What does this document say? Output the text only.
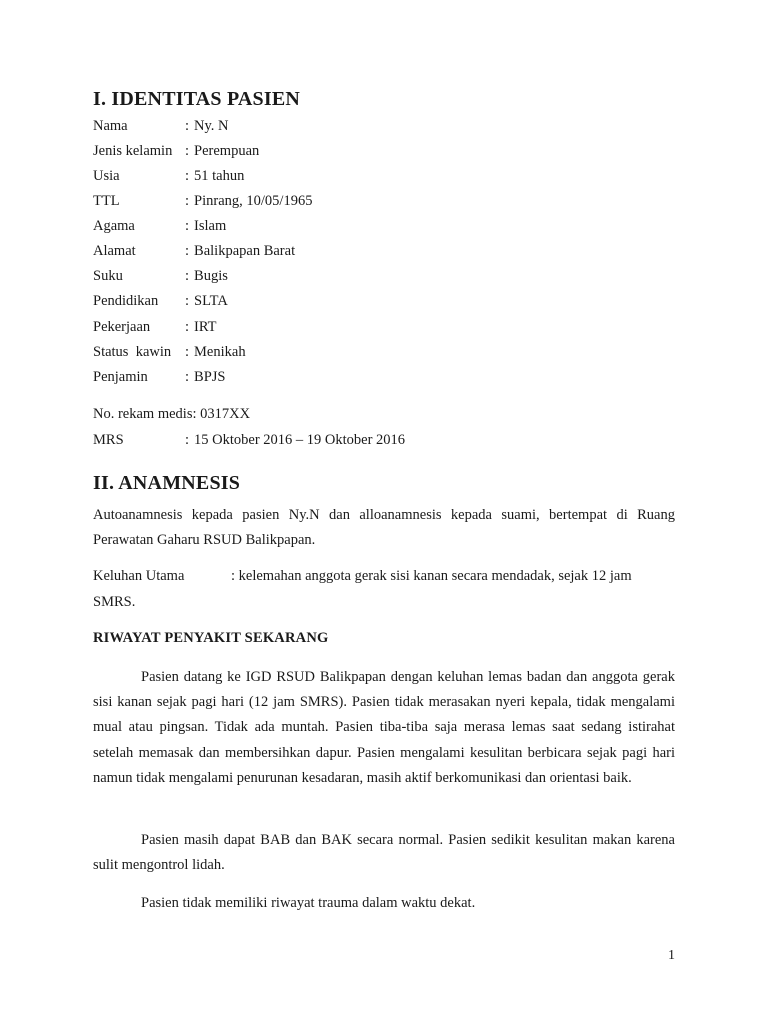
I. IDENTITAS PASIEN
Nama	: Ny. N
Jenis kelamin : Perempuan
Usia	: 51 tahun
TTL	: Pinrang, 10/05/1965
Agama	: Islam
Alamat	: Balikpapan Barat
Suku	: Bugis
Pendidikan : SLTA
Pekerjaan : IRT
Status  kawin : Menikah
Penjamin	: BPJS
No. rekam medis: 0317XX
MRS	: 15 Oktober 2016 – 19 Oktober 2016
II. ANAMNESIS
Autoanamnesis kepada pasien Ny.N dan alloanamnesis kepada suami, bertempat di Ruang Perawatan Gaharu RSUD Balikpapan.
Keluhan Utama	: kelemahan anggota gerak sisi kanan secara mendadak, sejak 12 jam
SMRS.
RIWAYAT PENYAKIT SEKARANG
Pasien datang ke IGD RSUD Balikpapan dengan keluhan lemas badan dan anggota gerak sisi kanan sejak pagi hari (12 jam SMRS). Pasien tidak merasakan nyeri kepala, tidak mengalami mual atau pingsan. Tidak ada muntah. Pasien tiba-tiba saja merasa lemas saat sedang istirahat setelah memasak dan membersihkan dapur. Pasien mengalami kesulitan berbicara sejak pagi hari namun tidak mengalami penurunan kesadaran, masih aktif berkomunikasi dan orientasi baik.
Pasien masih dapat BAB dan BAK secara normal. Pasien sedikit kesulitan makan karena sulit mengontrol lidah.
Pasien tidak memiliki riwayat trauma dalam waktu dekat.
1
